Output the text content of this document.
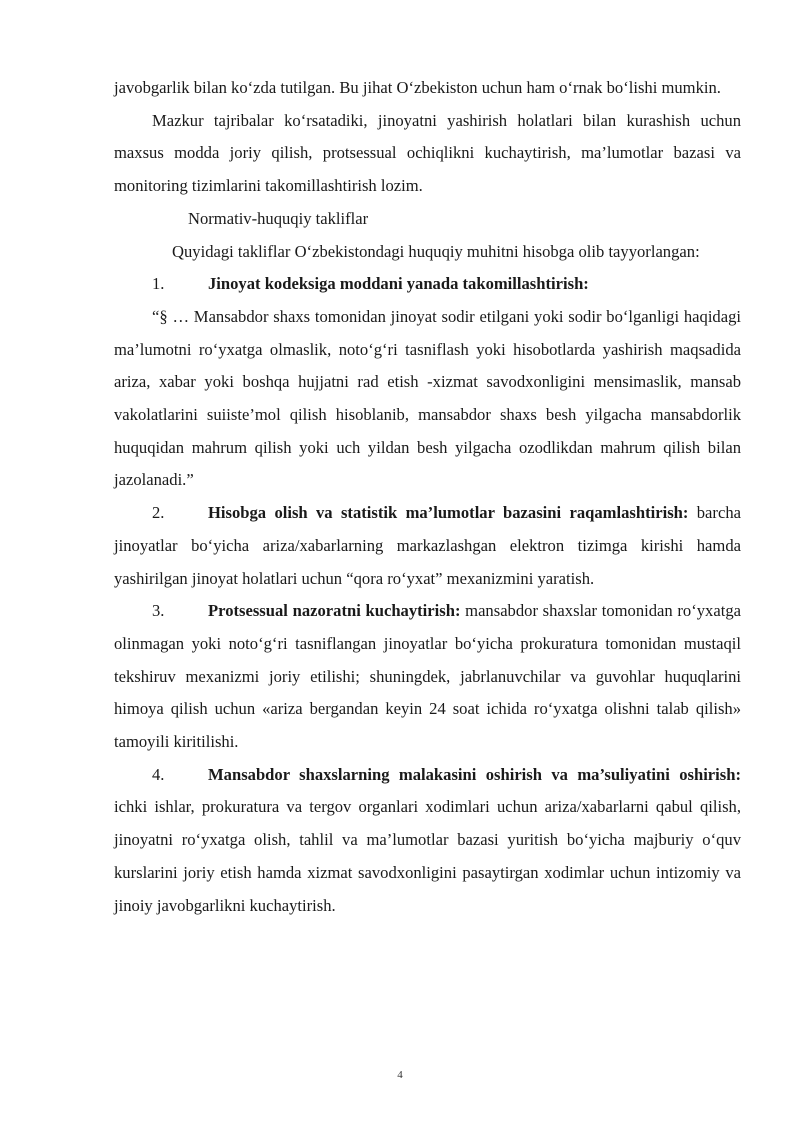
javobgarlik bilan ko‘zda tutilgan. Bu jihat O‘zbekiston uchun ham o‘rnak bo‘lishi mumkin.

Mazkur tajribalar ko‘rsatadiki, jinoyatni yashirish holatlari bilan kurashish uchun maxsus modda joriy qilish, protsessual ochiqlikni kuchaytirish, ma’lumotlar bazasi va monitoring tizimlarini takomillashtirish lozim.

Normativ-huquqiy takliflar

Quyidagi takliflar O‘zbekistondagi huquqiy muhitni hisobga olib tayyorlangan:

1.	Jinoyat kodeksiga moddani yanada takomillashtirish:

“§ … Mansabdor shaxs tomonidan jinoyat sodir etilgani yoki sodir bo‘lganligi haqidagi ma’lumotni ro‘yxatga olmaslik, noto‘g‘ri tasniflash yoki hisobotlarda yashirish maqsadida ariza, xabar yoki boshqa hujjatni rad etish -xizmat savodxonligini mensimaslik, mansab vakolatlarini suiiste’mol qilish hisoblanib, mansabdor shaxs besh yilgacha mansabdorlik huquqidan mahrum qilish yoki uch yildan besh yilgacha ozodlikdan mahrum qilish bilan jazolanadi.”

2.	Hisobga olish va statistik ma’lumotlar bazasini raqamlashtirish: barcha jinoyatlar bo‘yicha ariza/xabarlarning markazlashgan elektron tizimga kirishi hamda yashirilgan jinoyat holatlari uchun “qora ro‘yxat” mexanizmini yaratish.

3.	Protsessual nazoratni kuchaytirish: mansabdor shaxslar tomonidan ro‘yxatga olinmagan yoki noto‘g‘ri tasniflangan jinoyatlar bo‘yicha prokuratura tomonidan mustaqil tekshiruv mexanizmi joriy etilishi; shuningdek, jabrlanuvchilar va guvohlar huquqlarini himoya qilish uchun «ariza bergandan keyin 24 soat ichida ro‘yxatga olishni talab qilish» tamoyili kiritilishi.

4.	Mansabdor shaxslarning malakasini oshirish va ma’suliyatini oshirish: ichki ishlar, prokuratura va tergov organlari xodimlari uchun ariza/xabarlarni qabul qilish, jinoyatni ro‘yxatga olish, tahlil va ma’lumotlar bazasi yuritish bo‘yicha majburiy o‘quv kurslarini joriy etish hamda xizmat savodxonligini pasaytirgan xodimlar uchun intizomiy va jinoiy javobgarlikni kuchaytirish.

4
